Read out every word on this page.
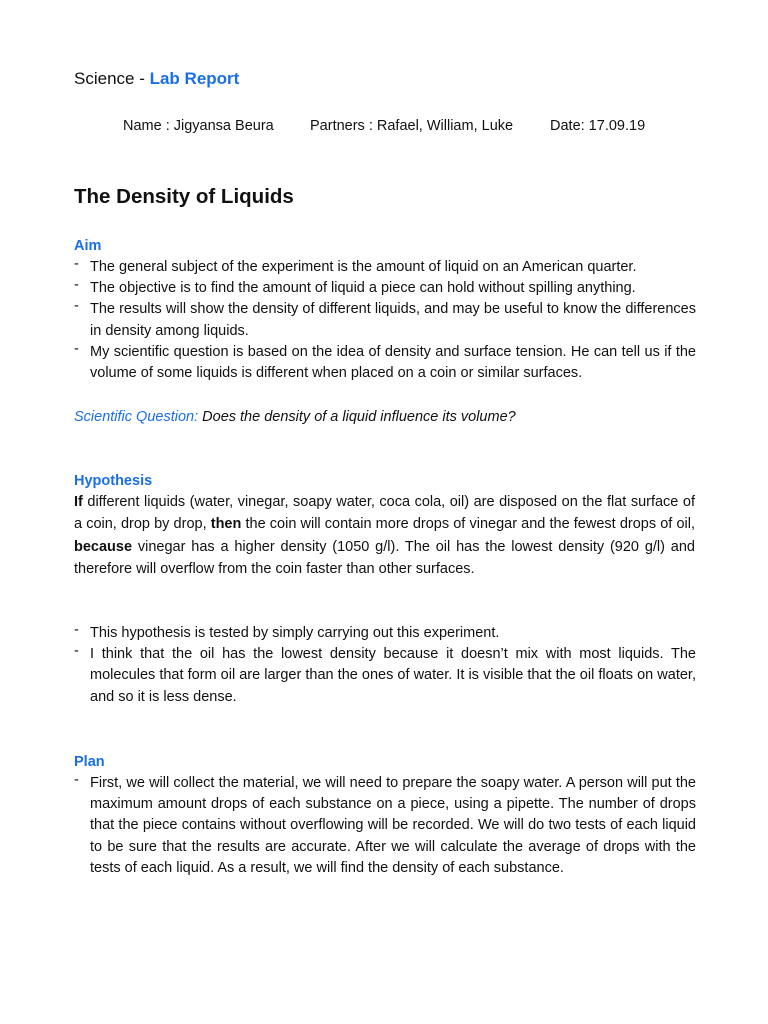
Science - Lab Report
Name : Jigyansa Beura	Partners : Rafael, William, Luke	Date: 17.09.19
The Density of Liquids
Aim
- The general subject of the experiment is the amount of liquid on an American quarter.
- The objective is to find the amount of liquid a piece can hold without spilling anything.
- The results will show the density of different liquids, and may be useful to know the differences in density among liquids.
- My scientific question is based on the idea of density and surface tension. He can tell us if the volume of some liquids is different when placed on a coin or similar surfaces.
Scientific Question: Does the density of a liquid influence its volume?
Hypothesis

If different liquids (water, vinegar, soapy water, coca cola, oil) are disposed on the flat surface of a coin, drop by drop, then the coin will contain more drops of vinegar and the fewest drops of oil, because vinegar has a higher density (1050 g/l). The oil has the lowest density (920 g/l) and therefore will overflow from the coin faster than other surfaces.

- This hypothesis is tested by simply carrying out this experiment.
- I think that the oil has the lowest density because it doesn’t mix with most liquids. The molecules that form oil are larger than the ones of water. It is visible that the oil floats on water, and so it is less dense.
Plan
- First, we will collect the material, we will need to prepare the soapy water. A person will put the maximum amount drops of each substance on a piece, using a pipette. The number of drops that the piece contains without overflowing will be recorded. We will do two tests of each liquid to be sure that the results are accurate. After we will calculate the average of drops with the tests of each liquid. As a result, we will find the density of each substance.
